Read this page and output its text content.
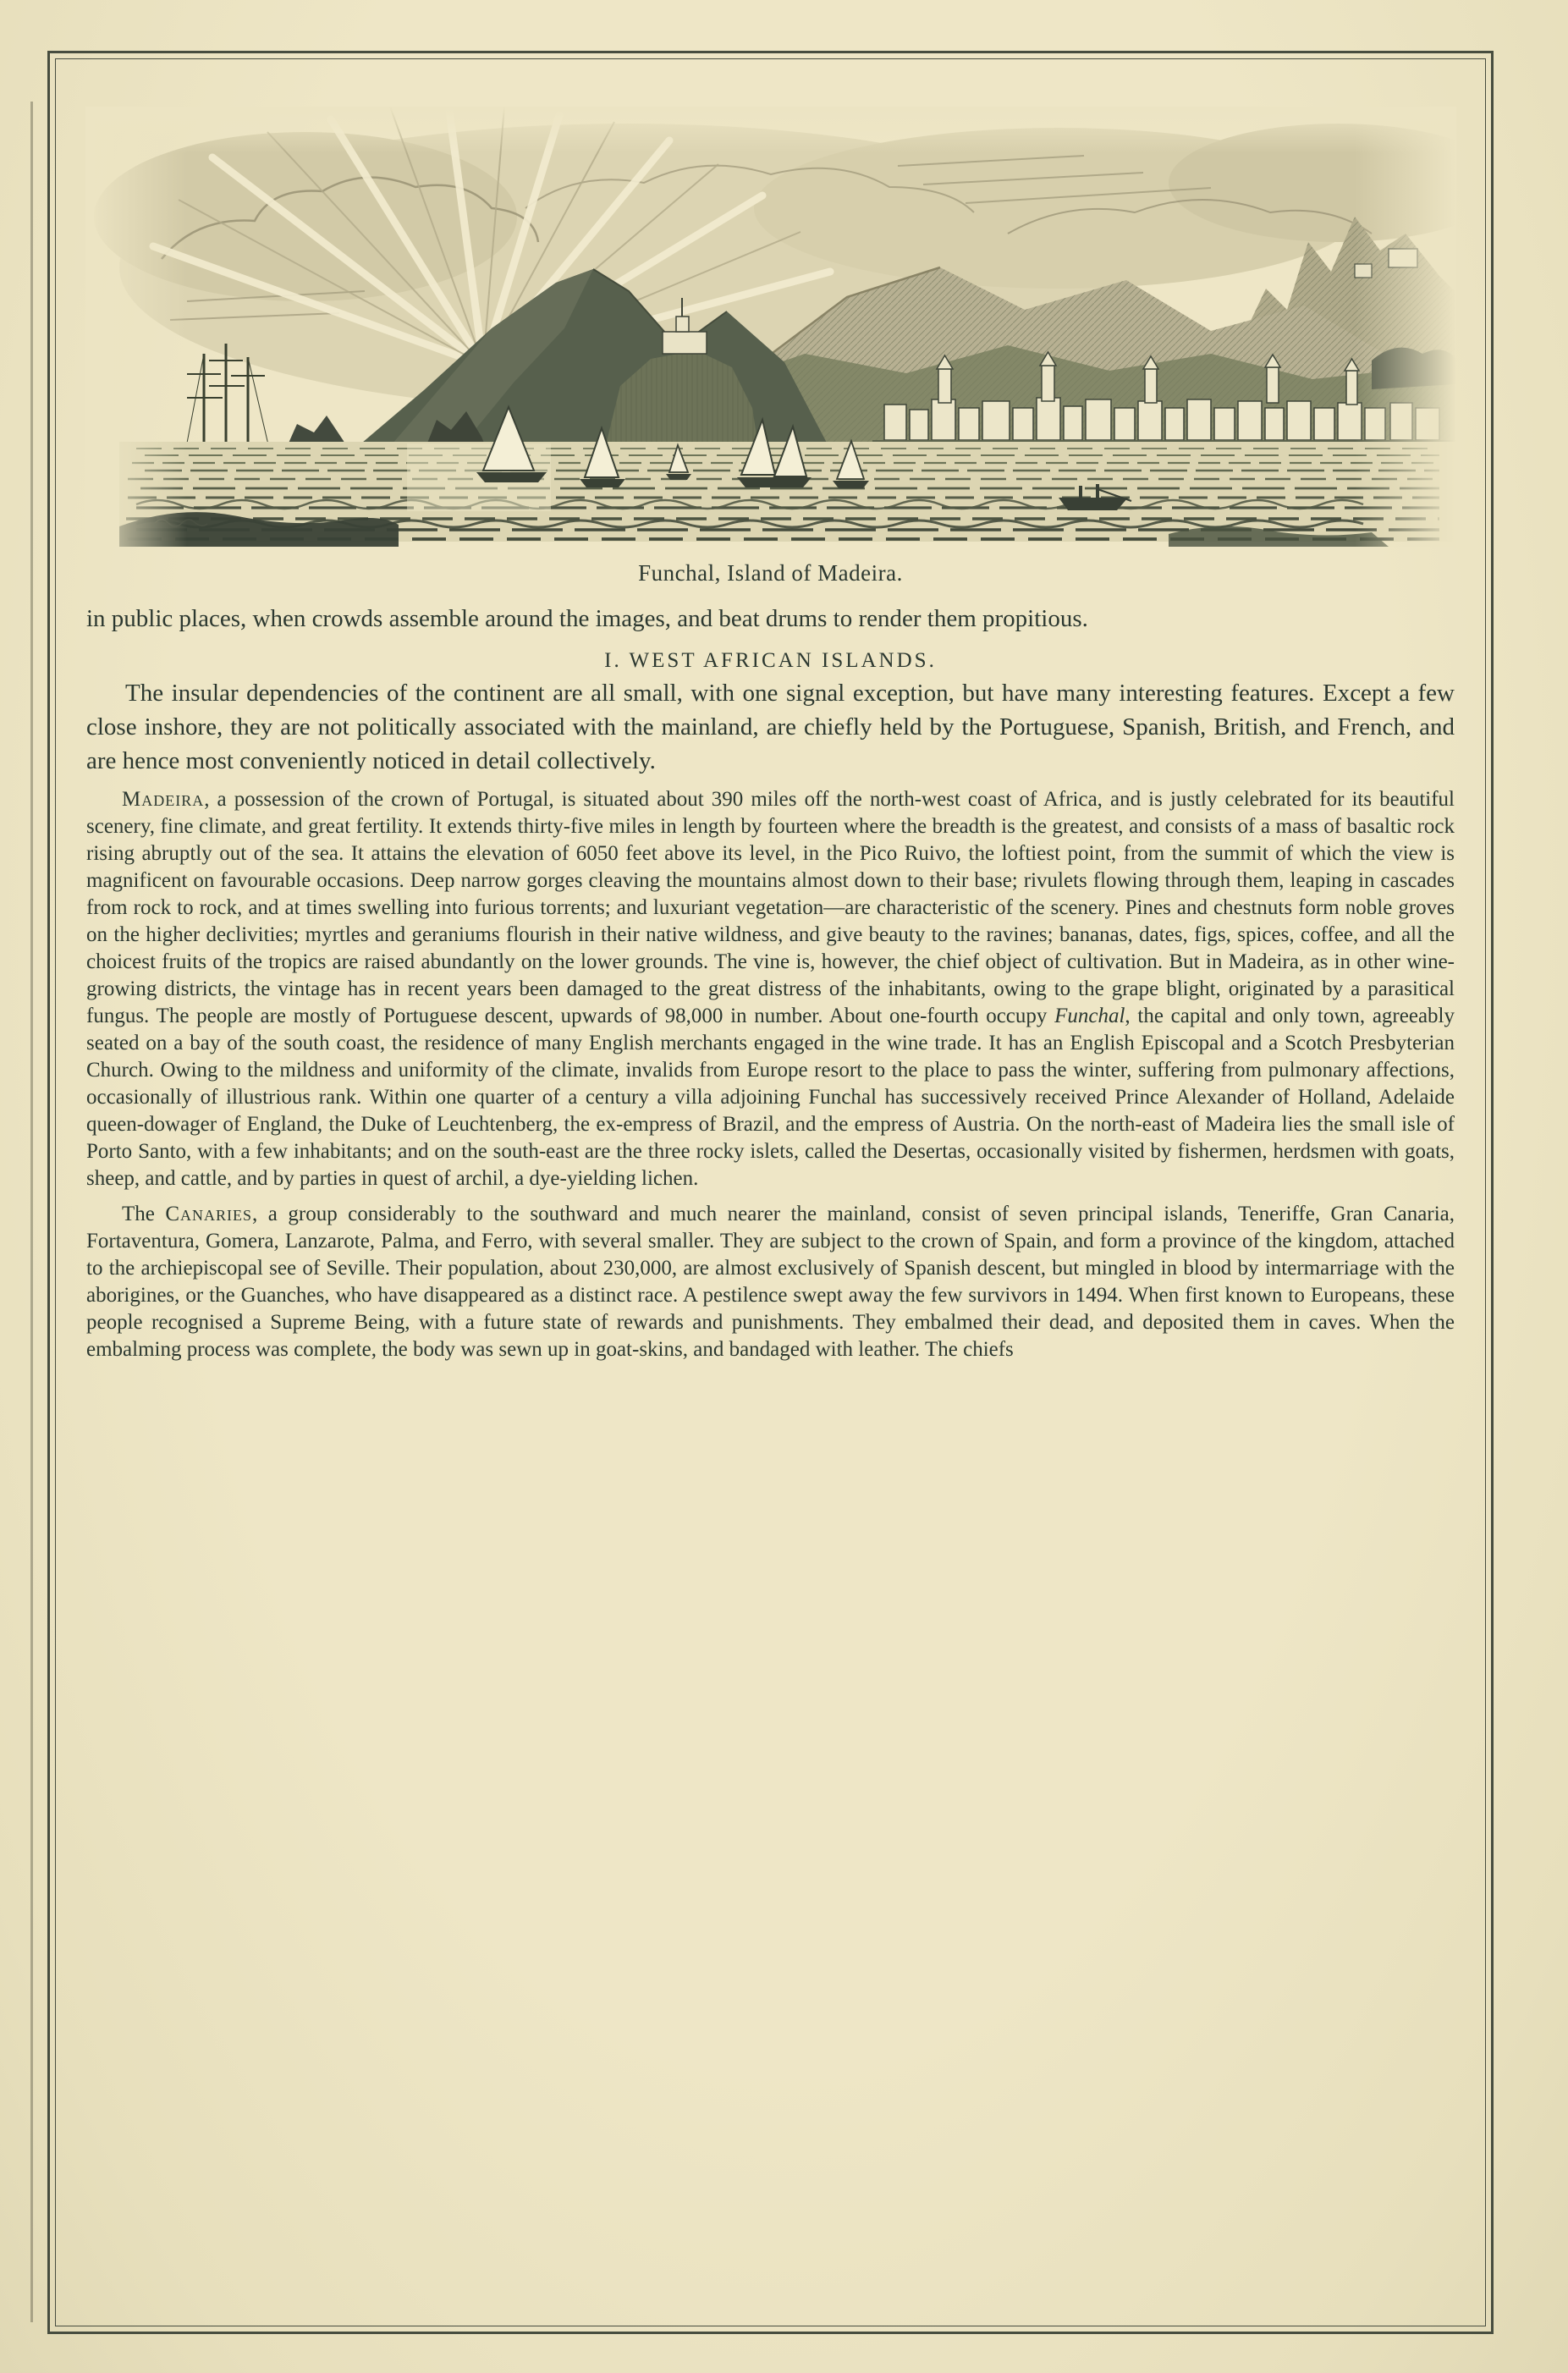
Funchal, Island of Madeira.

in public places, when crowds assemble around the images, and beat drums to render them propitious.

I. WEST AFRICAN ISLANDS.

The insular dependencies of the continent are all small, with one signal exception, but have many interesting features. Except a few close inshore, they are not politically associated with the mainland, are chiefly held by the Portuguese, Spanish, British, and French, and are hence most conveniently noticed in detail collectively.

Madeira, a possession of the crown of Portugal, is situated about 390 miles off the north-west coast of Africa, and is justly celebrated for its beautiful scenery, fine climate, and great fertility. It extends thirty-five miles in length by fourteen where the breadth is the greatest, and consists of a mass of basaltic rock rising abruptly out of the sea. It attains the elevation of 6050 feet above its level, in the Pico Ruivo, the loftiest point, from the summit of which the view is magnificent on favourable occasions. Deep narrow gorges cleaving the mountains almost down to their base; rivulets flowing through them, leaping in cascades from rock to rock, and at times swelling into furious torrents; and luxuriant vegetation—are characteristic of the scenery. Pines and chestnuts form noble groves on the higher declivities; myrtles and geraniums flourish in their native wildness, and give beauty to the ravines; bananas, dates, figs, spices, coffee, and all the choicest fruits of the tropics are raised abundantly on the lower grounds. The vine is, however, the chief object of cultivation. But in Madeira, as in other wine-growing districts, the vintage has in recent years been damaged to the great distress of the inhabitants, owing to the grape blight, originated by a parasitical fungus. The people are mostly of Portuguese descent, upwards of 98,000 in number. About one-fourth occupy Funchal, the capital and only town, agreeably seated on a bay of the south coast, the residence of many English merchants engaged in the wine trade. It has an English Episcopal and a Scotch Presbyterian Church. Owing to the mildness and uniformity of the climate, invalids from Europe resort to the place to pass the winter, suffering from pulmonary affections, occasionally of illustrious rank. Within one quarter of a century a villa adjoining Funchal has successively received Prince Alexander of Holland, Adelaide queen-dowager of England, the Duke of Leuchtenberg, the ex-empress of Brazil, and the empress of Austria. On the north-east of Madeira lies the small isle of Porto Santo, with a few inhabitants; and on the south-east are the three rocky islets, called the Desertas, occasionally visited by fishermen, herdsmen with goats, sheep, and cattle, and by parties in quest of archil, a dye-yielding lichen.

The Canaries, a group considerably to the southward and much nearer the mainland, consist of seven principal islands, Teneriffe, Gran Canaria, Fortaventura, Gomera, Lanzarote, Palma, and Ferro, with several smaller. They are subject to the crown of Spain, and form a province of the kingdom, attached to the archiepiscopal see of Seville. Their population, about 230,000, are almost exclusively of Spanish descent, but mingled in blood by intermarriage with the aborigines, or the Guanches, who have disappeared as a distinct race. A pestilence swept away the few survivors in 1494. When first known to Europeans, these people recognised a Supreme Being, with a future state of rewards and punishments. They embalmed their dead, and deposited them in caves. When the embalming process was complete, the body was sewn up in goat-skins, and bandaged with leather. The chiefs
